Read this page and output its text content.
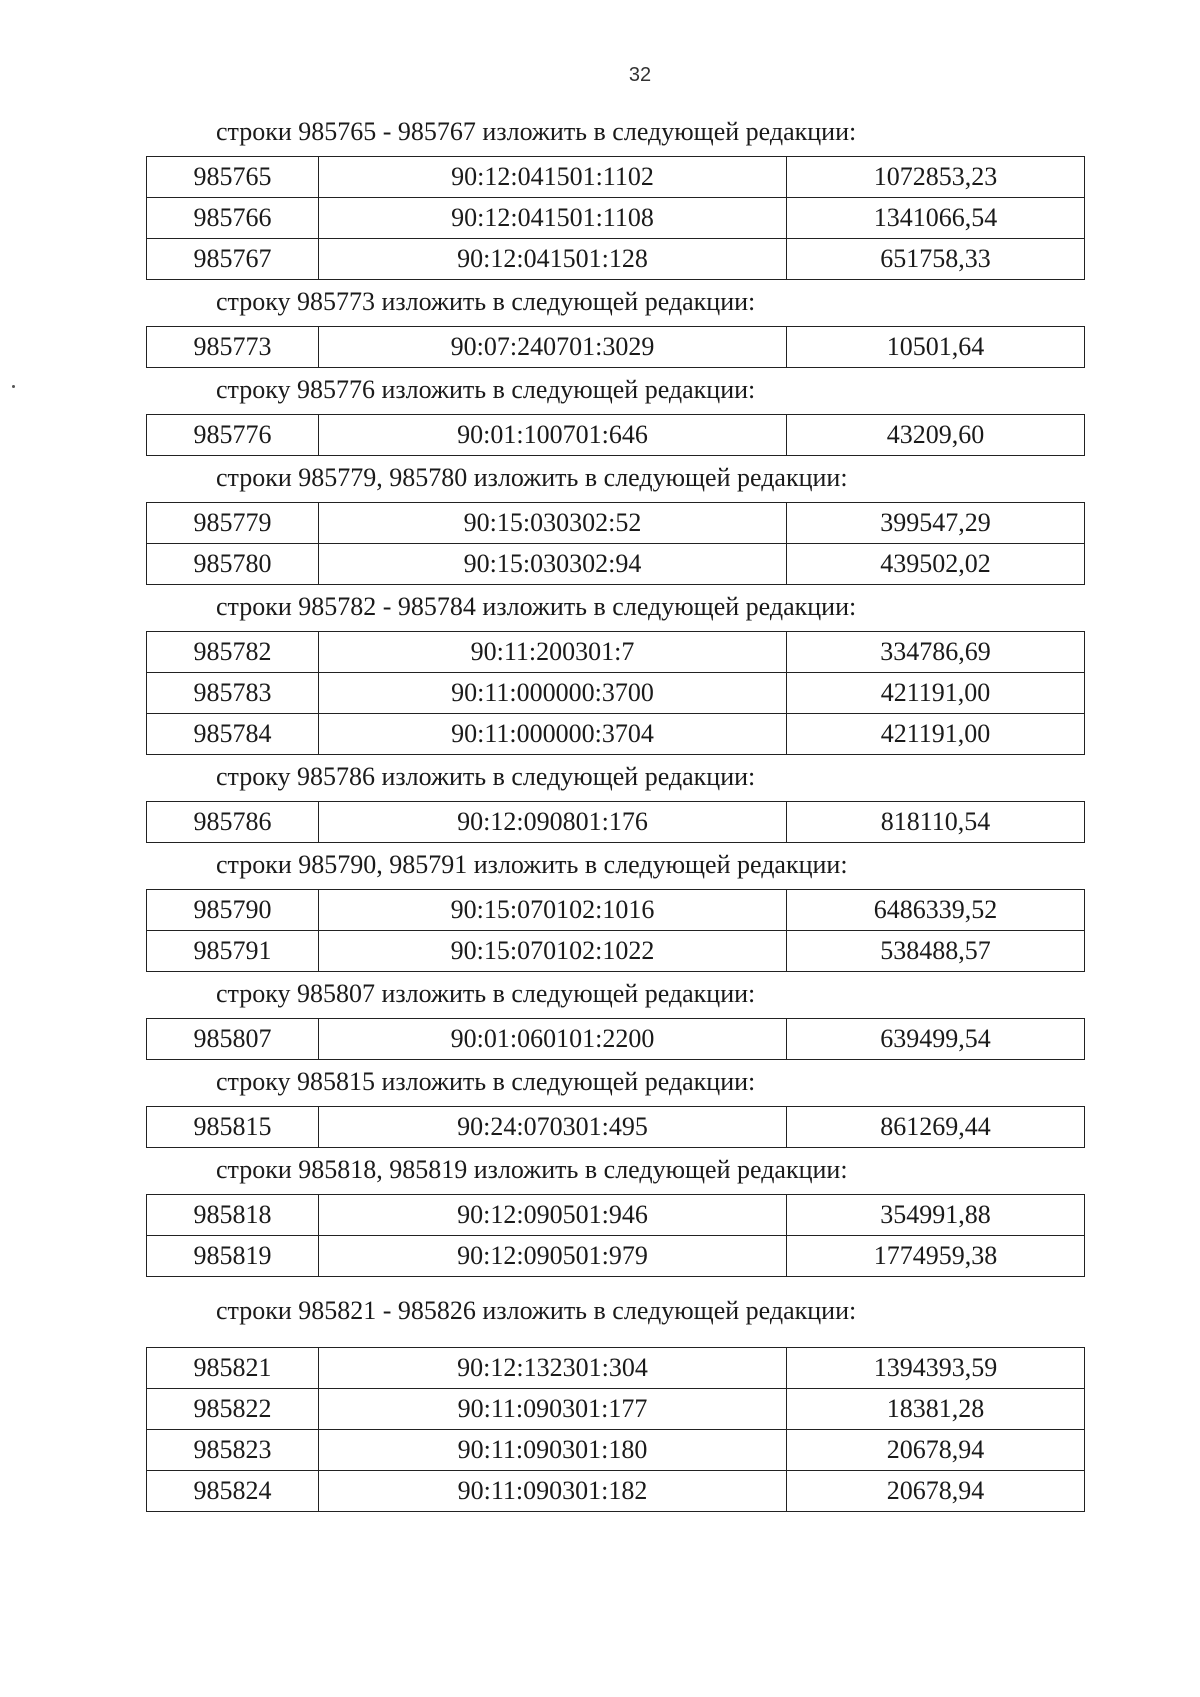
32
строки 985765 - 985767 изложить в следующей редакции:
985765	90:12:041501:1102	1072853,23
985766	90:12:041501:1108	1341066,54
985767	90:12:041501:128	651758,33
строку 985773 изложить в следующей редакции:
985773	90:07:240701:3029	10501,64
строку 985776 изложить в следующей редакции:
985776	90:01:100701:646	43209,60
строки 985779, 985780 изложить в следующей редакции:
985779	90:15:030302:52	399547,29
985780	90:15:030302:94	439502,02
строки 985782 - 985784 изложить в следующей редакции:
985782	90:11:200301:7	334786,69
985783	90:11:000000:3700	421191,00
985784	90:11:000000:3704	421191,00
строку 985786 изложить в следующей редакции:
985786	90:12:090801:176	818110,54
строки 985790, 985791 изложить в следующей редакции:
985790	90:15:070102:1016	6486339,52
985791	90:15:070102:1022	538488,57
строку 985807 изложить в следующей редакции:
985807	90:01:060101:2200	639499,54
строку 985815 изложить в следующей редакции:
985815	90:24:070301:495	861269,44
строки 985818, 985819 изложить в следующей редакции:
985818	90:12:090501:946	354991,88
985819	90:12:090501:979	1774959,38
строки 985821 - 985826 изложить в следующей редакции:
985821	90:12:132301:304	1394393,59
985822	90:11:090301:177	18381,28
985823	90:11:090301:180	20678,94
985824	90:11:090301:182	20678,94
